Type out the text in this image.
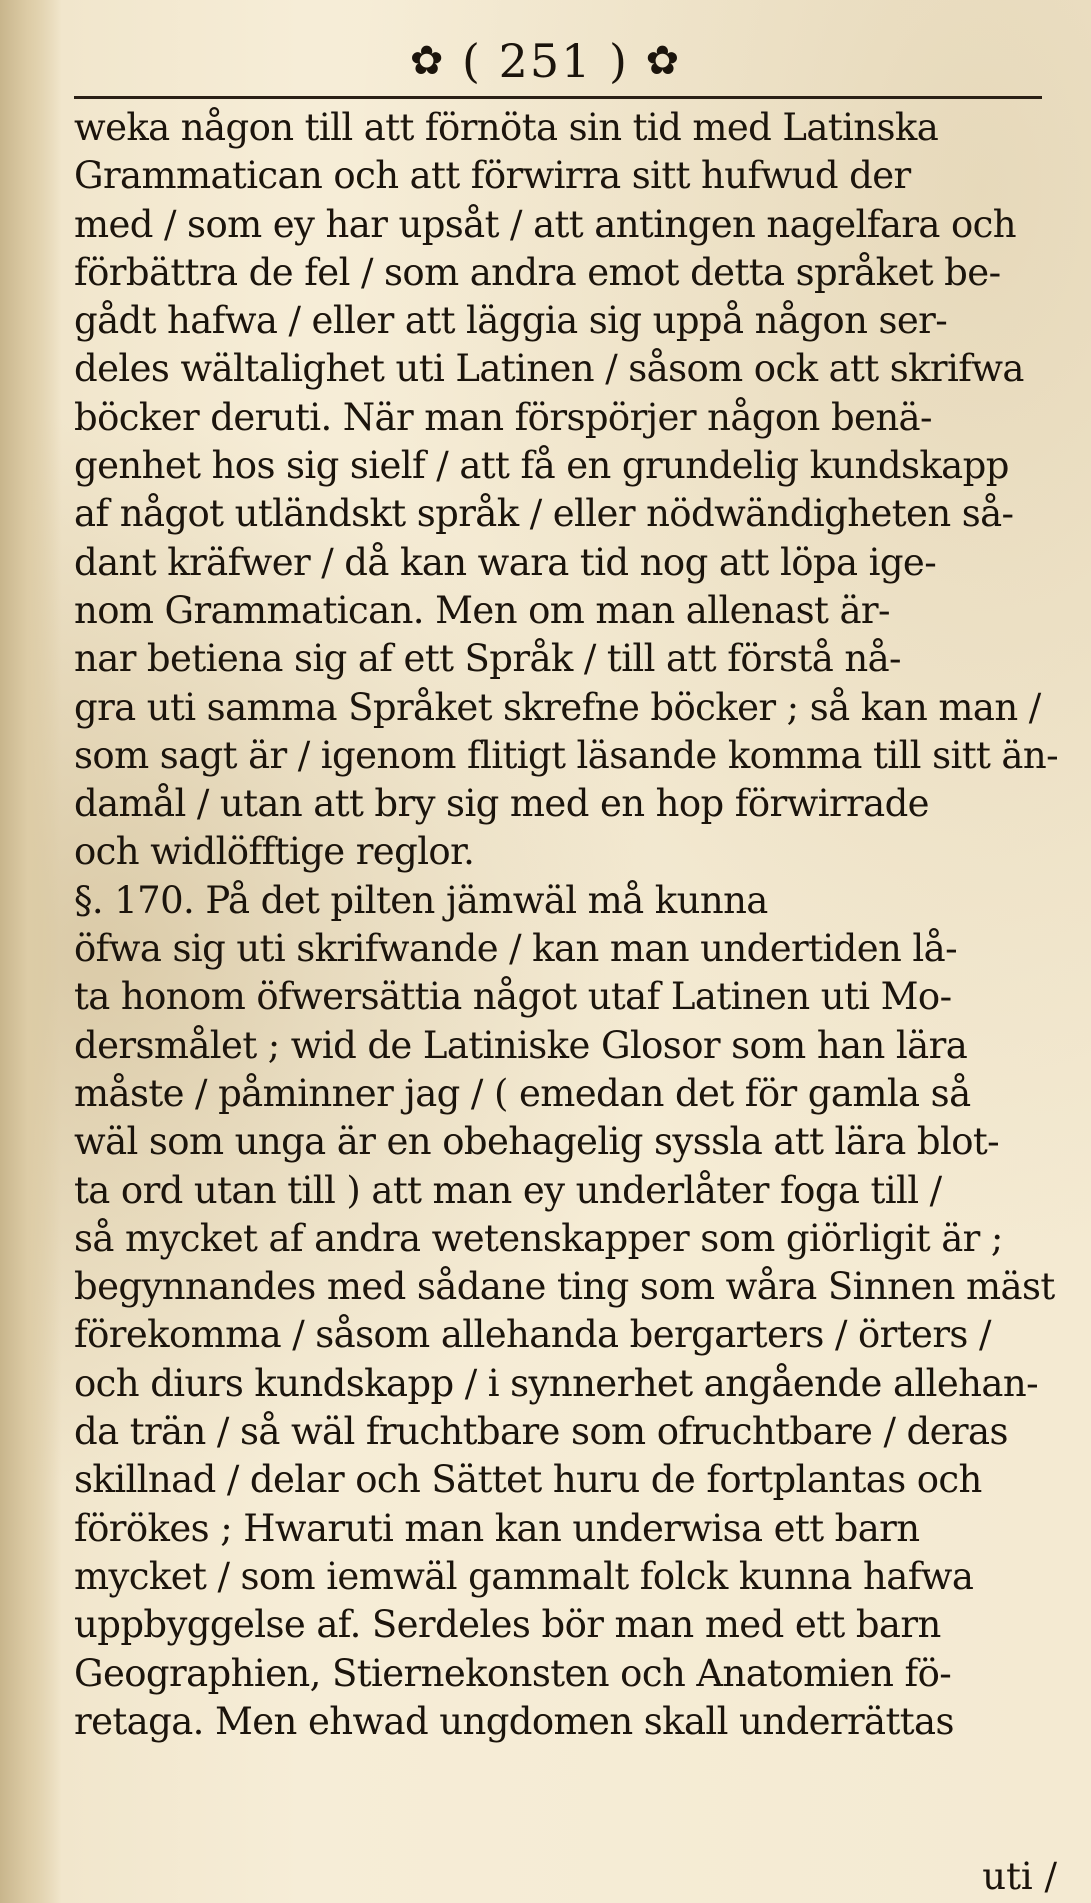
✿ ( 251 ) ✿
weka någon till att förnöta sin tid med Latinska
Grammatican och att förwirra sitt hufwud der
med / som ey har upsåt / att antingen nagelfara och
förbättra de fel / som andra emot detta språket be-
gådt hafwa / eller att läggia sig uppå någon ser-
deles wältalighet uti Latinen / såsom ock att skrifwa
böcker deruti. När man förspörjer någon benä-
genhet hos sig sielf / att få en grundelig kundskapp
af något utländskt språk / eller nödwändigheten så-
dant kräfwer / då kan wara tid nog att löpa ige-
nom Grammatican. Men om man allenast är-
nar betiena sig af ett Språk / till att förstå nå-
gra uti samma Språket skrefne böcker ; så kan man /
som sagt är / igenom flitigt läsande komma till sitt än-
damål / utan att bry sig med en hop förwirrade
och widlöfftige reglor.
§. 170. På det pilten jämwäl må kunna
öfwa sig uti skrifwande / kan man undertiden lå-
ta honom öfwersättia något utaf Latinen uti Mo-
dersmålet ; wid de Latiniske Glosor som han lära
måste / påminner jag / ( emedan det för gamla så
wäl som unga är en obehagelig syssla att lära blot-
ta ord utan till ) att man ey underlåter foga till /
så mycket af andra wetenskapper som giörligit är ;
begynnandes med sådane ting som wåra Sinnen mäst
förekomma / såsom allehanda bergarters / örters /
och diurs kundskapp / i synnerhet angående allehan-
da trän / så wäl fruchtbare som ofruchtbare / deras
skillnad / delar och Sättet huru de fortplantas och
förökes ; Hwaruti man kan underwisa ett barn
mycket / som iemwäl gammalt folck kunna hafwa
uppbyggelse af. Serdeles bör man med ett barn
Geographien, Stiernekonsten och Anatomien fö-
retaga. Men ehwad ungdomen skall underrättas
uti /
